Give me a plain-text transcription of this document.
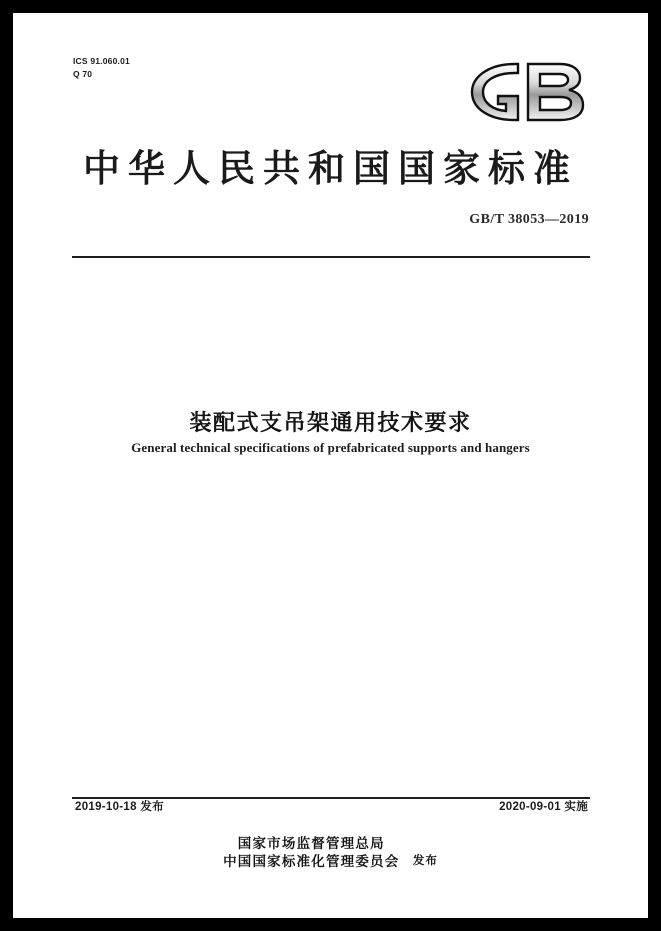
ICS 91.060.01
Q 70
中华人民共和国国家标准
GB/T 38053—2019
装配式支吊架通用技术要求
General technical specifications of prefabricated supports and hangers
2019-10-18 发布	2020-09-01 实施
国家市场监督管理总局
中国国家标准化管理委员会 发布
